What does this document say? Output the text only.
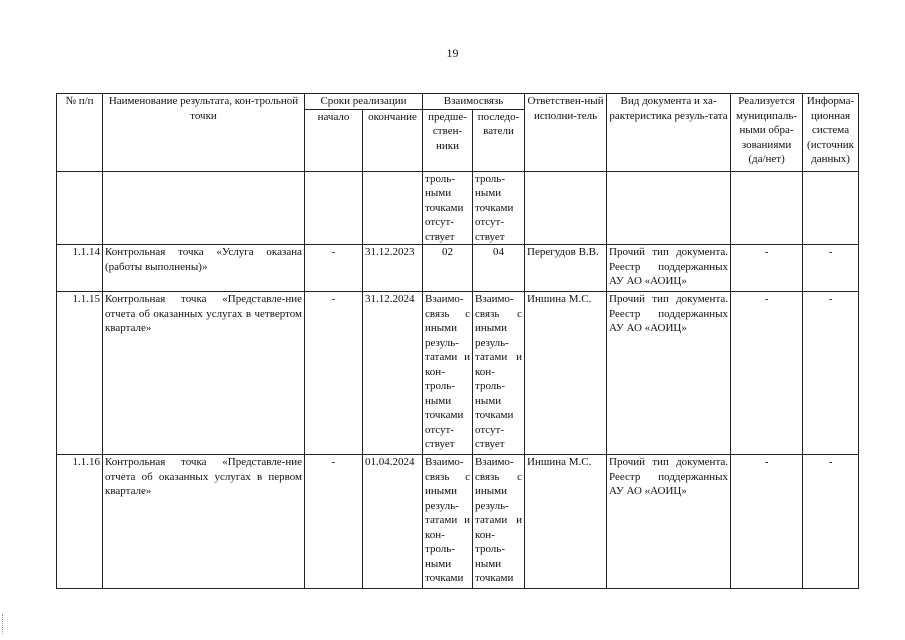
19
№ п/п	Наименование результата, кон-трольной точки	Сроки реализации		Взаимосвязь		Ответствен-ный исполни-тель	Вид документа и ха-рактеристика резуль-тата	Реализуется муниципаль-ными обра-зованиями (да/нет)	Информа-ционная система (источник данных)
		начало	окончание	предше-ствен-ники	последо-ватели				
				троль-ными точками отсут-ствует	троль-ными точками отсут-ствует				
1.1.14	Контрольная точка «Услуга оказана (работы выполнены)»	-	31.12.2023	02	04	Перегудов В.В.	Прочий тип документа. Реестр поддержанных АУ АО «АОИЦ»	-	-
1.1.15	Контрольная точка «Представле-ние отчета об оказанных услугах в четвертом квартале»	-	31.12.2024	Взаимо-связь с иными резуль-татами и кон-троль-ными точками отсут-ствует	Взаимо-связь с иными резуль-татами и кон-троль-ными точками отсут-ствует	Иншина М.С.	Прочий тип документа. Реестр поддержанных АУ АО «АОИЦ»	-	-
1.1.16	Контрольная точка «Представле-ние отчета об оказанных услугах в первом квартале»	-	01.04.2024	Взаимо-связь с иными резуль-татами и кон-троль-ными точками	Взаимо-связь с иными резуль-татами и кон-троль-ными точками	Иншина М.С.	Прочий тип документа. Реестр поддержанных АУ АО «АОИЦ»	-	-
